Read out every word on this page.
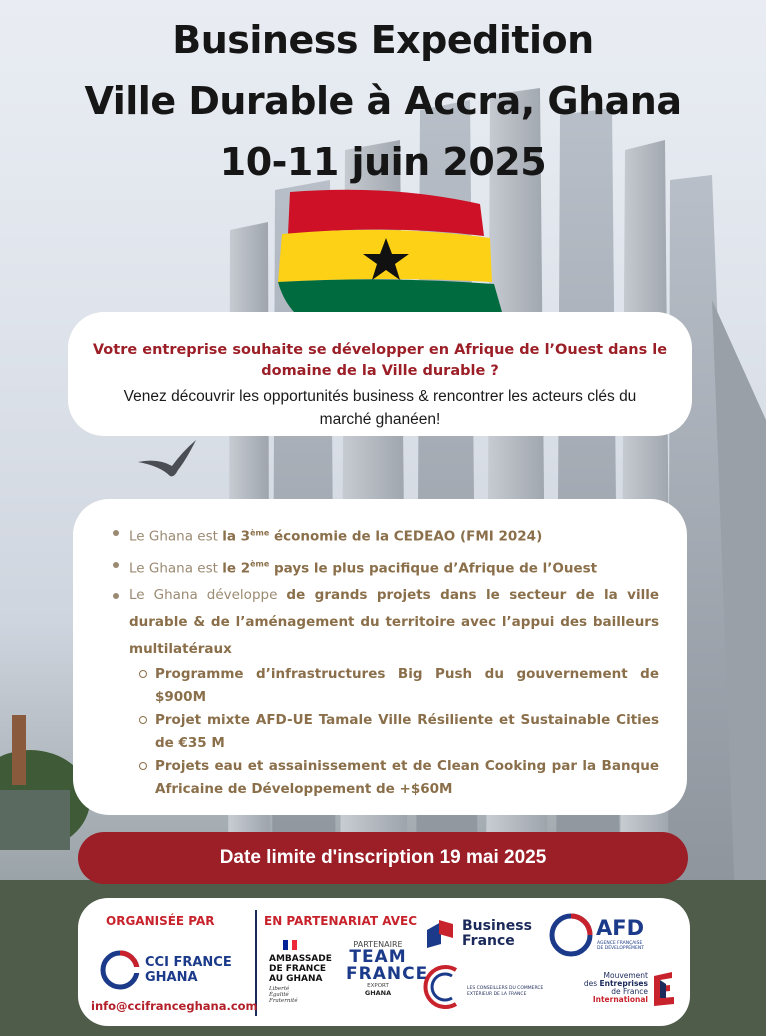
Business Expedition
Ville Durable à Accra, Ghana
10-11 juin 2025
Votre entreprise souhaite se développer en Afrique de l’Ouest dans le domaine de la Ville durable ?
Venez découvrir les opportunités business & rencontrer les acteurs clés du marché ghanéen!
Le Ghana est la 3ème économie de la CEDEAO (FMI 2024)
Le Ghana est le 2ème pays le plus pacifique d’Afrique de l’Ouest
Le Ghana développe de grands projets dans le secteur de la ville durable & de l’aménagement du territoire avec l’appui des bailleurs multilatéraux
Programme d’infrastructures Big Push du gouvernement de $900M
Projet mixte AFD-UE Tamale Ville Résiliente et Sustainable Cities de €35 M
Projets eau et assainissement et de Clean Cooking par la Banque Africaine de Développement de +$60M
Date limite d'inscription 19 mai 2025
ORGANISÉE PAR	EN PARTENARIAT AVEC
CCI FRANCE
GHANA
info@ccifranceghana.com
AMBASSADE
DE FRANCE
AU GHANA
Liberté
Égalité
Fraternité
PARTENAIRE
TEAM
FRANCE
EXPORT
GHANA
Business
France
LES CONSEILLERS DU COMMERCE
EXTÉRIEUR DE LA FRANCE
AFD
AGENCE FRANÇAISE
DE DÉVELOPPEMENT
Mouvement
des Entreprises
de France
International
